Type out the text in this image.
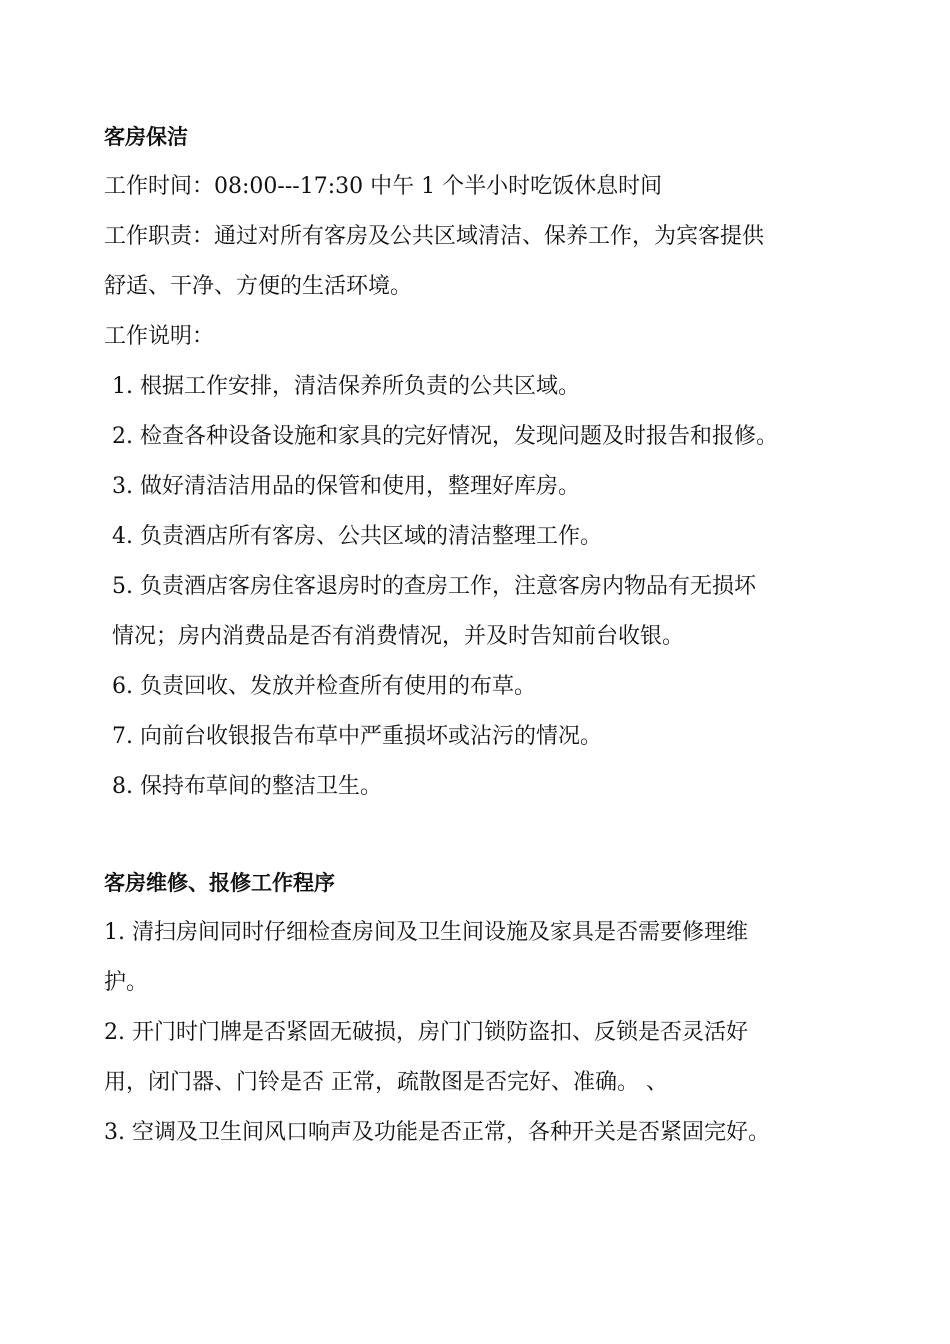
客房保洁
工作时间：08:00---17:30 中午 1 个半小时吃饭休息时间
工作职责：通过对所有客房及公共区域清洁、保养工作，为宾客提供
舒适、干净、方便的生活环境。
工作说明：
1. 根据工作安排，清洁保养所负责的公共区域。
2. 检查各种设备设施和家具的完好情况，发现问题及时报告和报修。
3. 做好清洁洁用品的保管和使用，整理好库房。
4. 负责酒店所有客房、公共区域的清洁整理工作。
5. 负责酒店客房住客退房时的查房工作，注意客房内物品有无损坏
情况；房内消费品是否有消费情况，并及时告知前台收银。
6. 负责回收、发放并检查所有使用的布草。
7. 向前台收银报告布草中严重损坏或沾污的情况。
8. 保持布草间的整洁卫生。
客房维修、报修工作程序
1. 清扫房间同时仔细检查房间及卫生间设施及家具是否需要修理维
护。
2. 开门时门牌是否紧固无破损，房门门锁防盗扣、反锁是否灵活好
用，闭门器、门铃是否 正常，疏散图是否完好、准确。 、
3. 空调及卫生间风口响声及功能是否正常，各种开关是否紧固完好。
